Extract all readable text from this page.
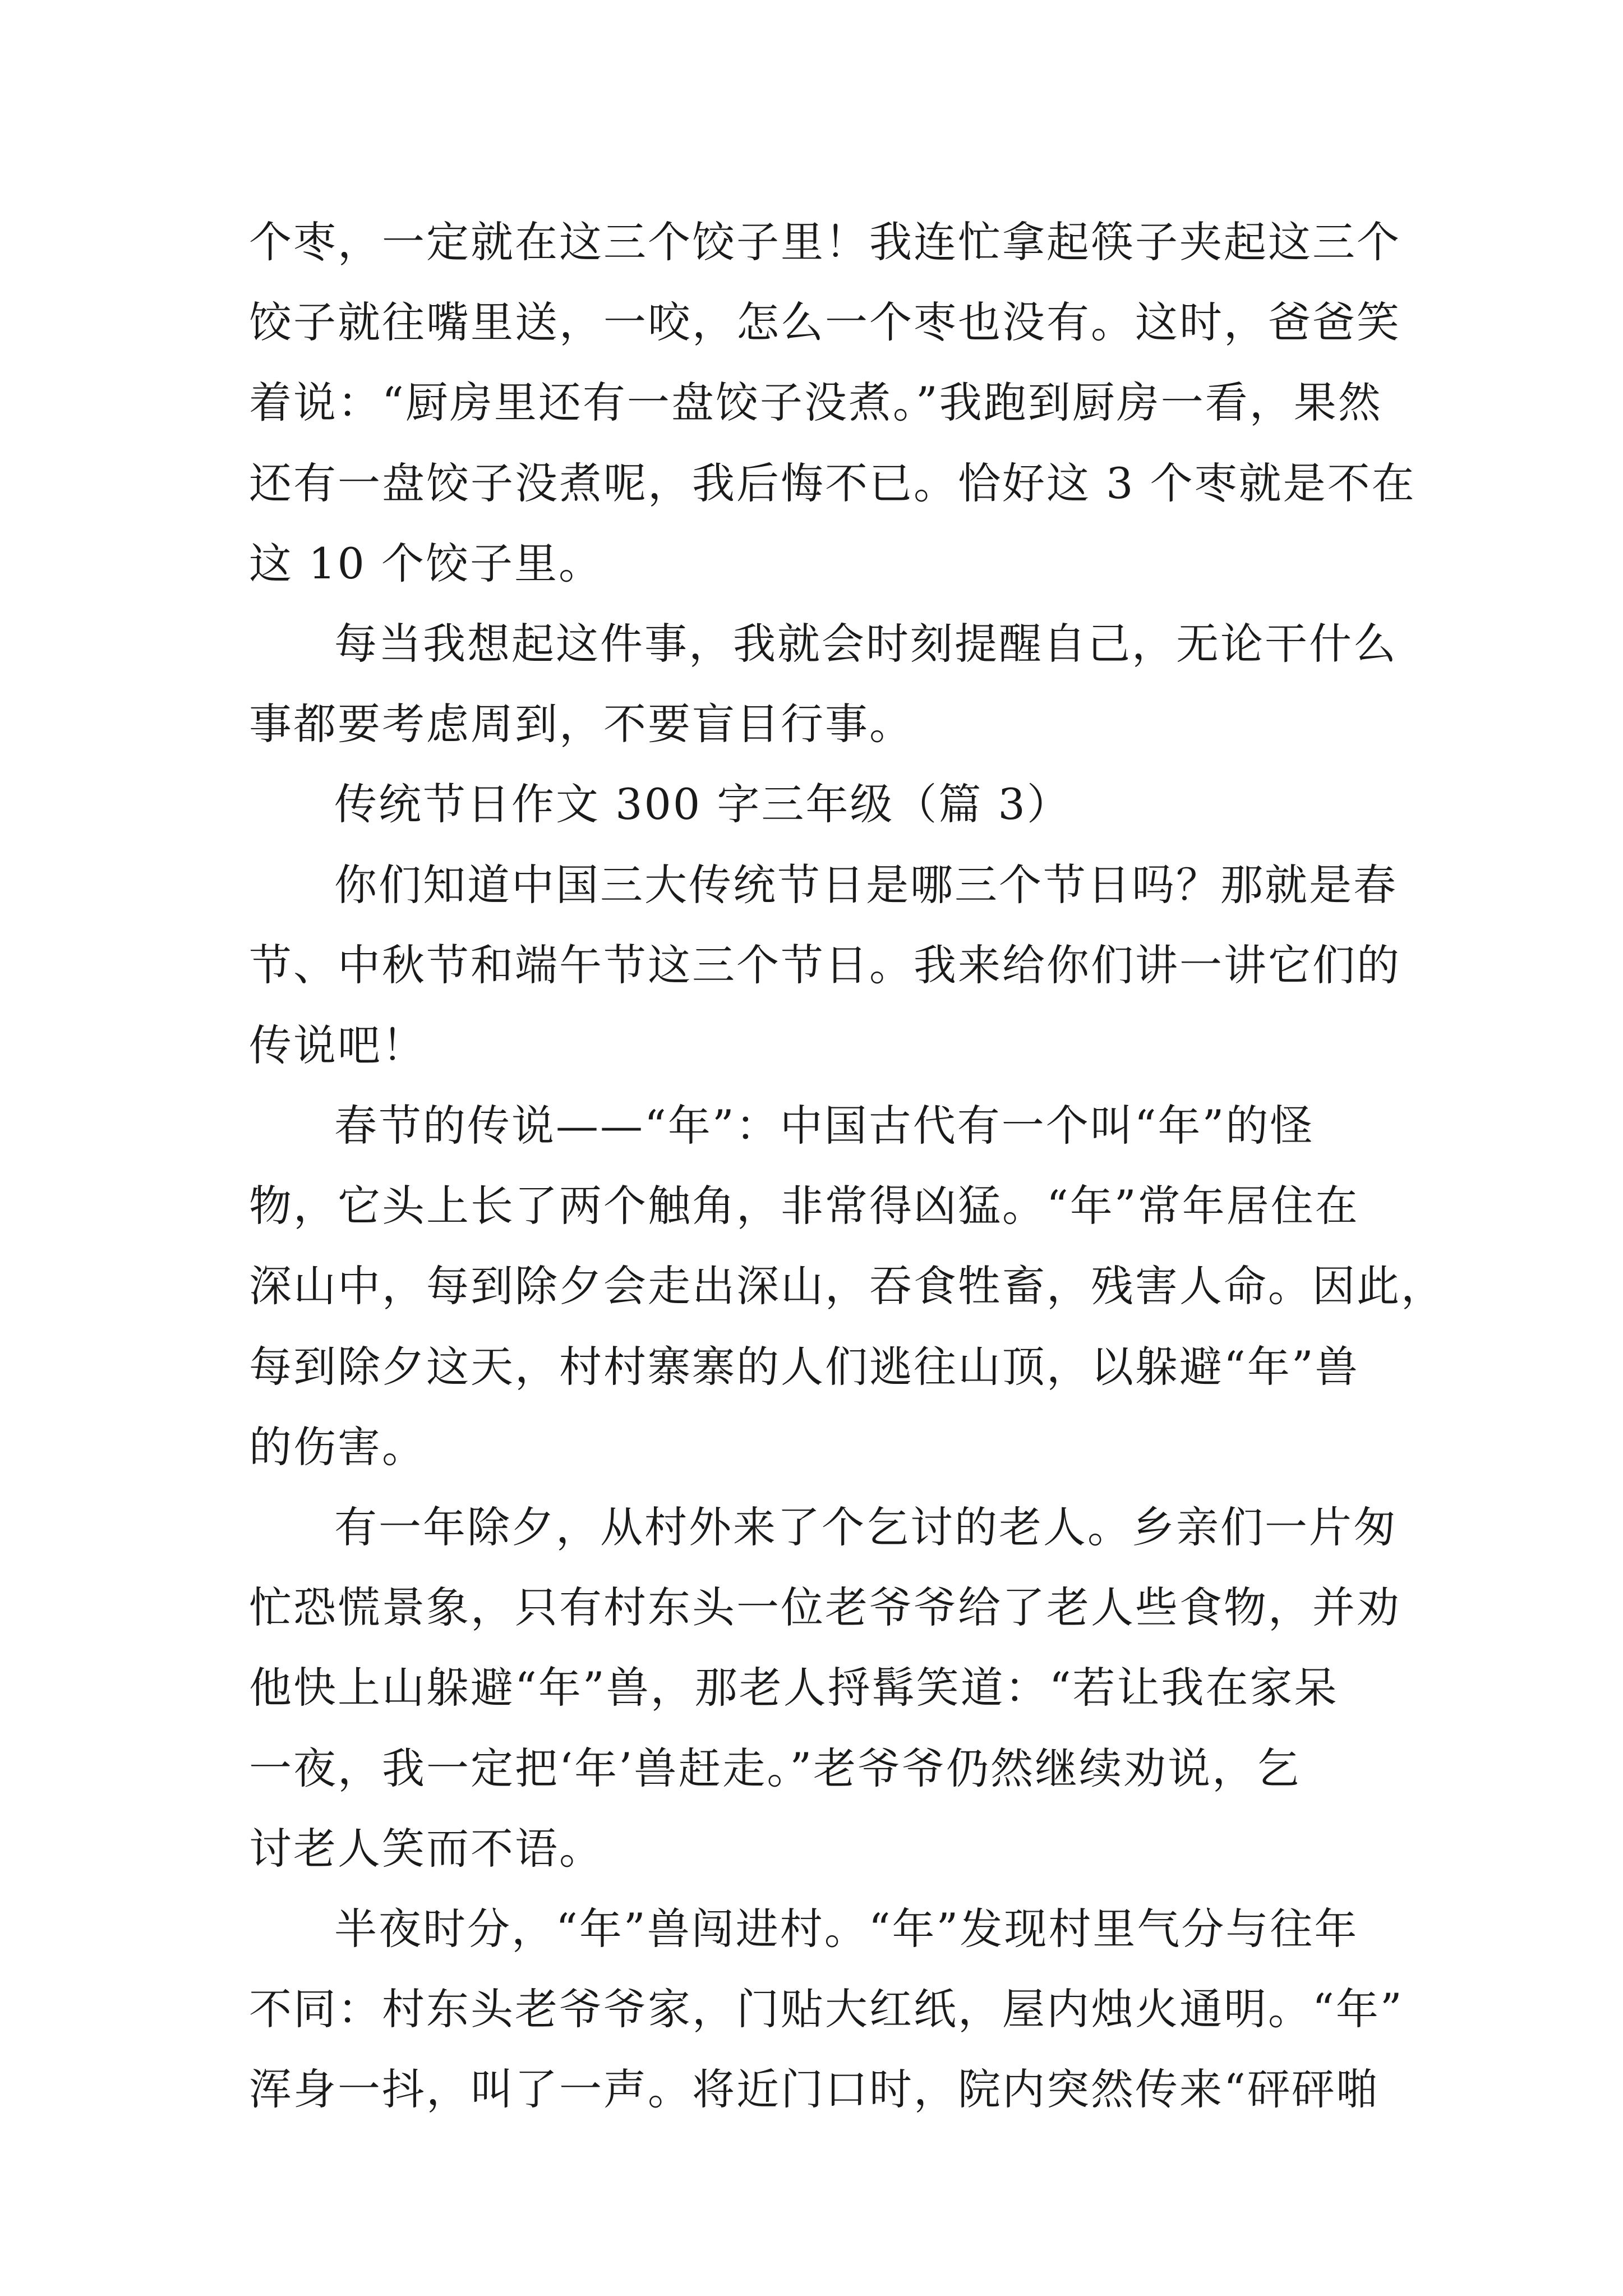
个枣，一定就在这三个饺子里！我连忙拿起筷子夹起这三个
饺子就往嘴里送，一咬，怎么一个枣也没有。这时，爸爸笑
着说：“厨房里还有一盘饺子没煮。”我跑到厨房一看，果然
还有一盘饺子没煮呢，我后悔不已。恰好这 3 个枣就是不在
这 10 个饺子里。
每当我想起这件事，我就会时刻提醒自己，无论干什么
事都要考虑周到，不要盲目行事。
传统节日作文 300 字三年级（篇 3）
你们知道中国三大传统节日是哪三个节日吗？那就是春
节、中秋节和端午节这三个节日。我来给你们讲一讲它们的
传说吧！
春节的传说——“年”：中国古代有一个叫“年”的怪
物，它头上长了两个触角，非常得凶猛。“年”常年居住在
深山中，每到除夕会走出深山，吞食牲畜，残害人命。因此，
每到除夕这天，村村寨寨的人们逃往山顶，以躲避“年”兽
的伤害。
有一年除夕，从村外来了个乞讨的老人。乡亲们一片匆
忙恐慌景象，只有村东头一位老爷爷给了老人些食物，并劝
他快上山躲避“年”兽，那老人捋髯笑道：“若让我在家呆
一夜，我一定把‘年’兽赶走。”老爷爷仍然继续劝说，乞
讨老人笑而不语。
半夜时分，“年”兽闯进村。“年”发现村里气分与往年
不同：村东头老爷爷家，门贴大红纸，屋内烛火通明。“年”
浑身一抖，叫了一声。将近门口时，院内突然传来“砰砰啪
